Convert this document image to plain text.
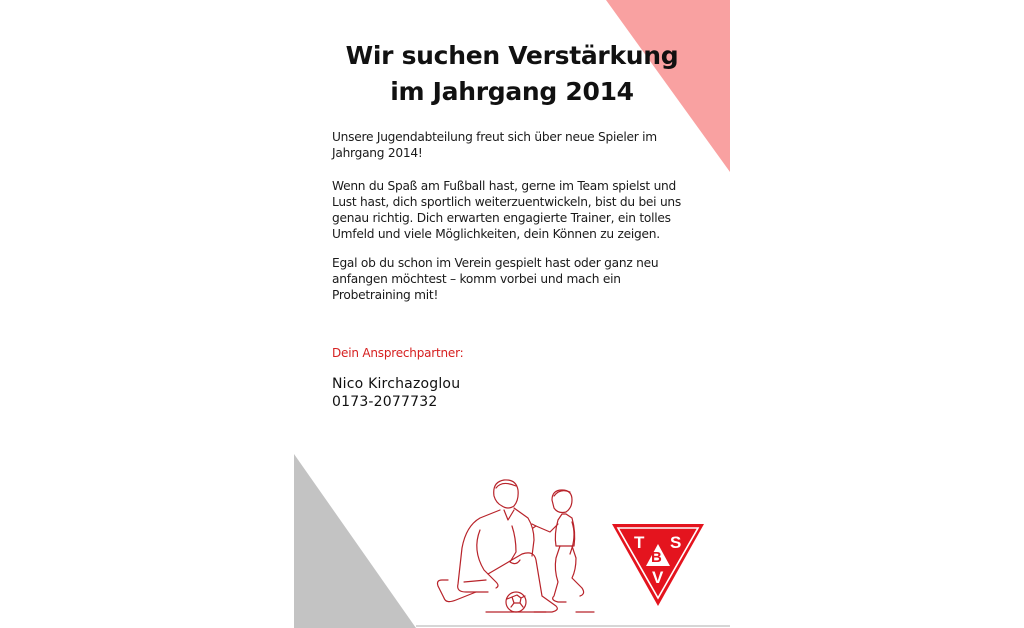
Wir suchen Verstärkung
im Jahrgang 2014
Unsere Jugendabteilung freut sich über neue Spieler im Jahrgang 2014!
Wenn du Spaß am Fußball hast, gerne im Team spielst und Lust hast, dich sportlich weiterzuentwickeln, bist du bei uns genau richtig. Dich erwarten engagierte Trainer, ein tolles Umfeld und viele Möglichkeiten, dein Können zu zeigen.
Egal ob du schon im Verein gespielt hast oder ganz neu anfangen möchtest – komm vorbei und mach ein Probetraining mit!
Dein Ansprechpartner:
Nico Kirchazoglou
0173-2077732
T
B
S
V
